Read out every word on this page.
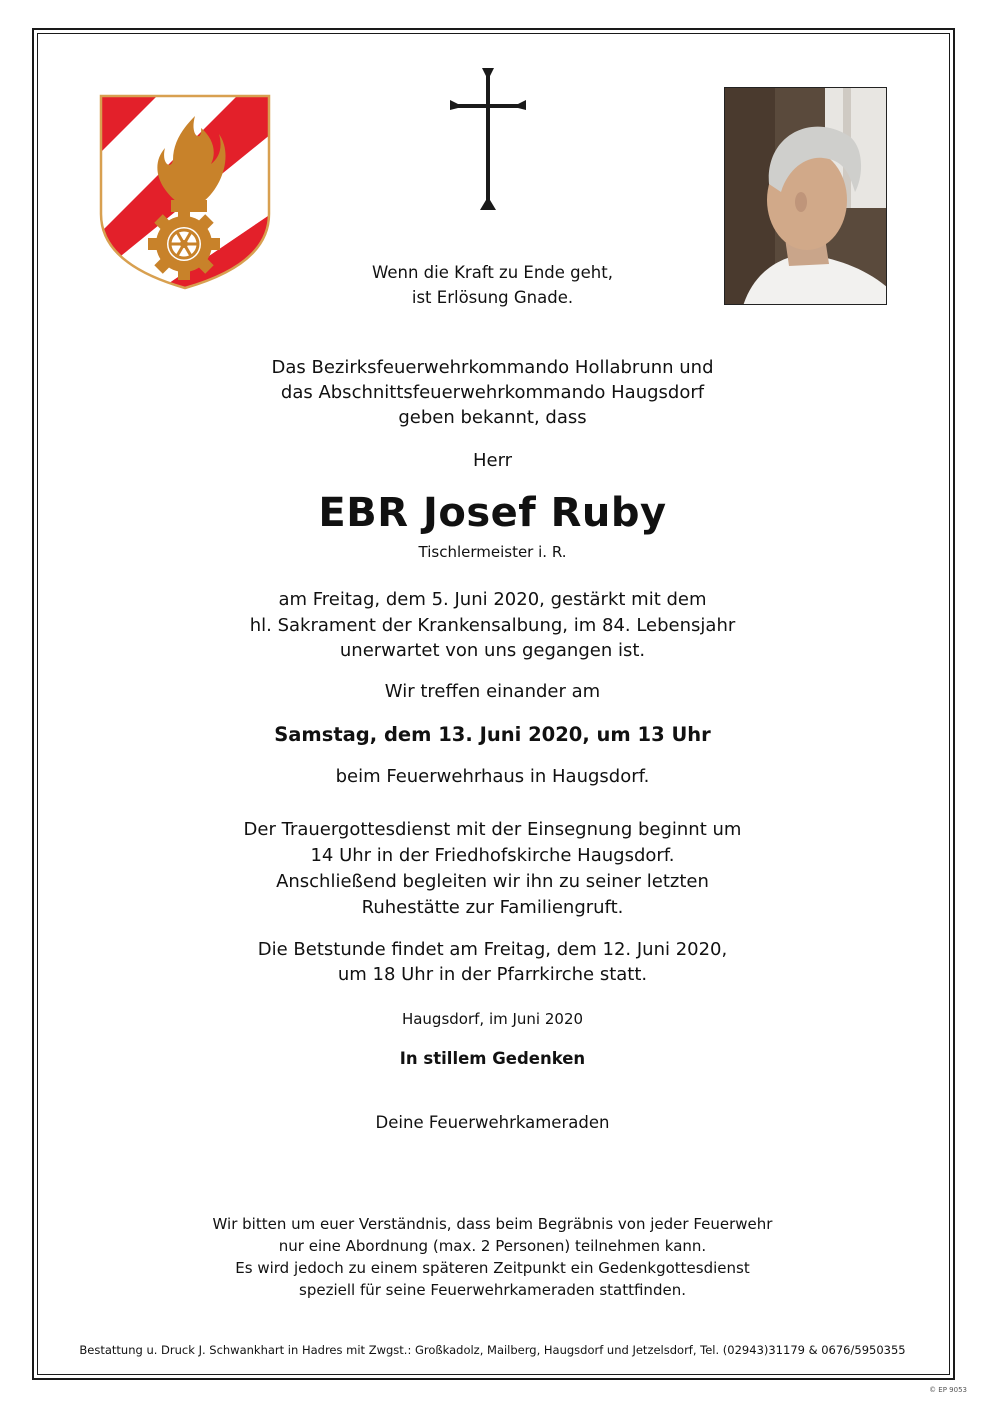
Wenn die Kraft zu Ende geht,
ist Erlösung Gnade.
Das Bezirksfeuerwehrkommando Hollabrunn und
das Abschnittsfeuerwehrkommando Haugsdorf
geben bekannt, dass
Herr
EBR Josef Ruby
Tischlermeister i. R.
am Freitag, dem 5. Juni 2020, gestärkt mit dem
hl. Sakrament der Krankensalbung, im 84. Lebensjahr
unerwartet von uns gegangen ist.
Wir treffen einander am
Samstag, dem 13. Juni 2020, um 13 Uhr
beim Feuerwehrhaus in Haugsdorf.
Der Trauergottesdienst mit der Einsegnung beginnt um
14 Uhr in der Friedhofskirche Haugsdorf.
Anschließend begleiten wir ihn zu seiner letzten
Ruhestätte zur Familiengruft.
Die Betstunde findet am Freitag, dem 12. Juni 2020,
um 18 Uhr in der Pfarrkirche statt.
Haugsdorf, im Juni 2020
In stillem Gedenken
Deine Feuerwehrkameraden
Wir bitten um euer Verständnis, dass beim Begräbnis von jeder Feuerwehr
nur eine Abordnung (max. 2 Personen) teilnehmen kann.
Es wird jedoch zu einem späteren Zeitpunkt ein Gedenkgottesdienst
speziell für seine Feuerwehrkameraden stattfinden.
Bestattung u. Druck J. Schwankhart in Hadres mit Zwgst.: Großkadolz, Mailberg, Haugsdorf und Jetzelsdorf, Tel. (02943)31179 & 0676/5950355
© EP 9053
